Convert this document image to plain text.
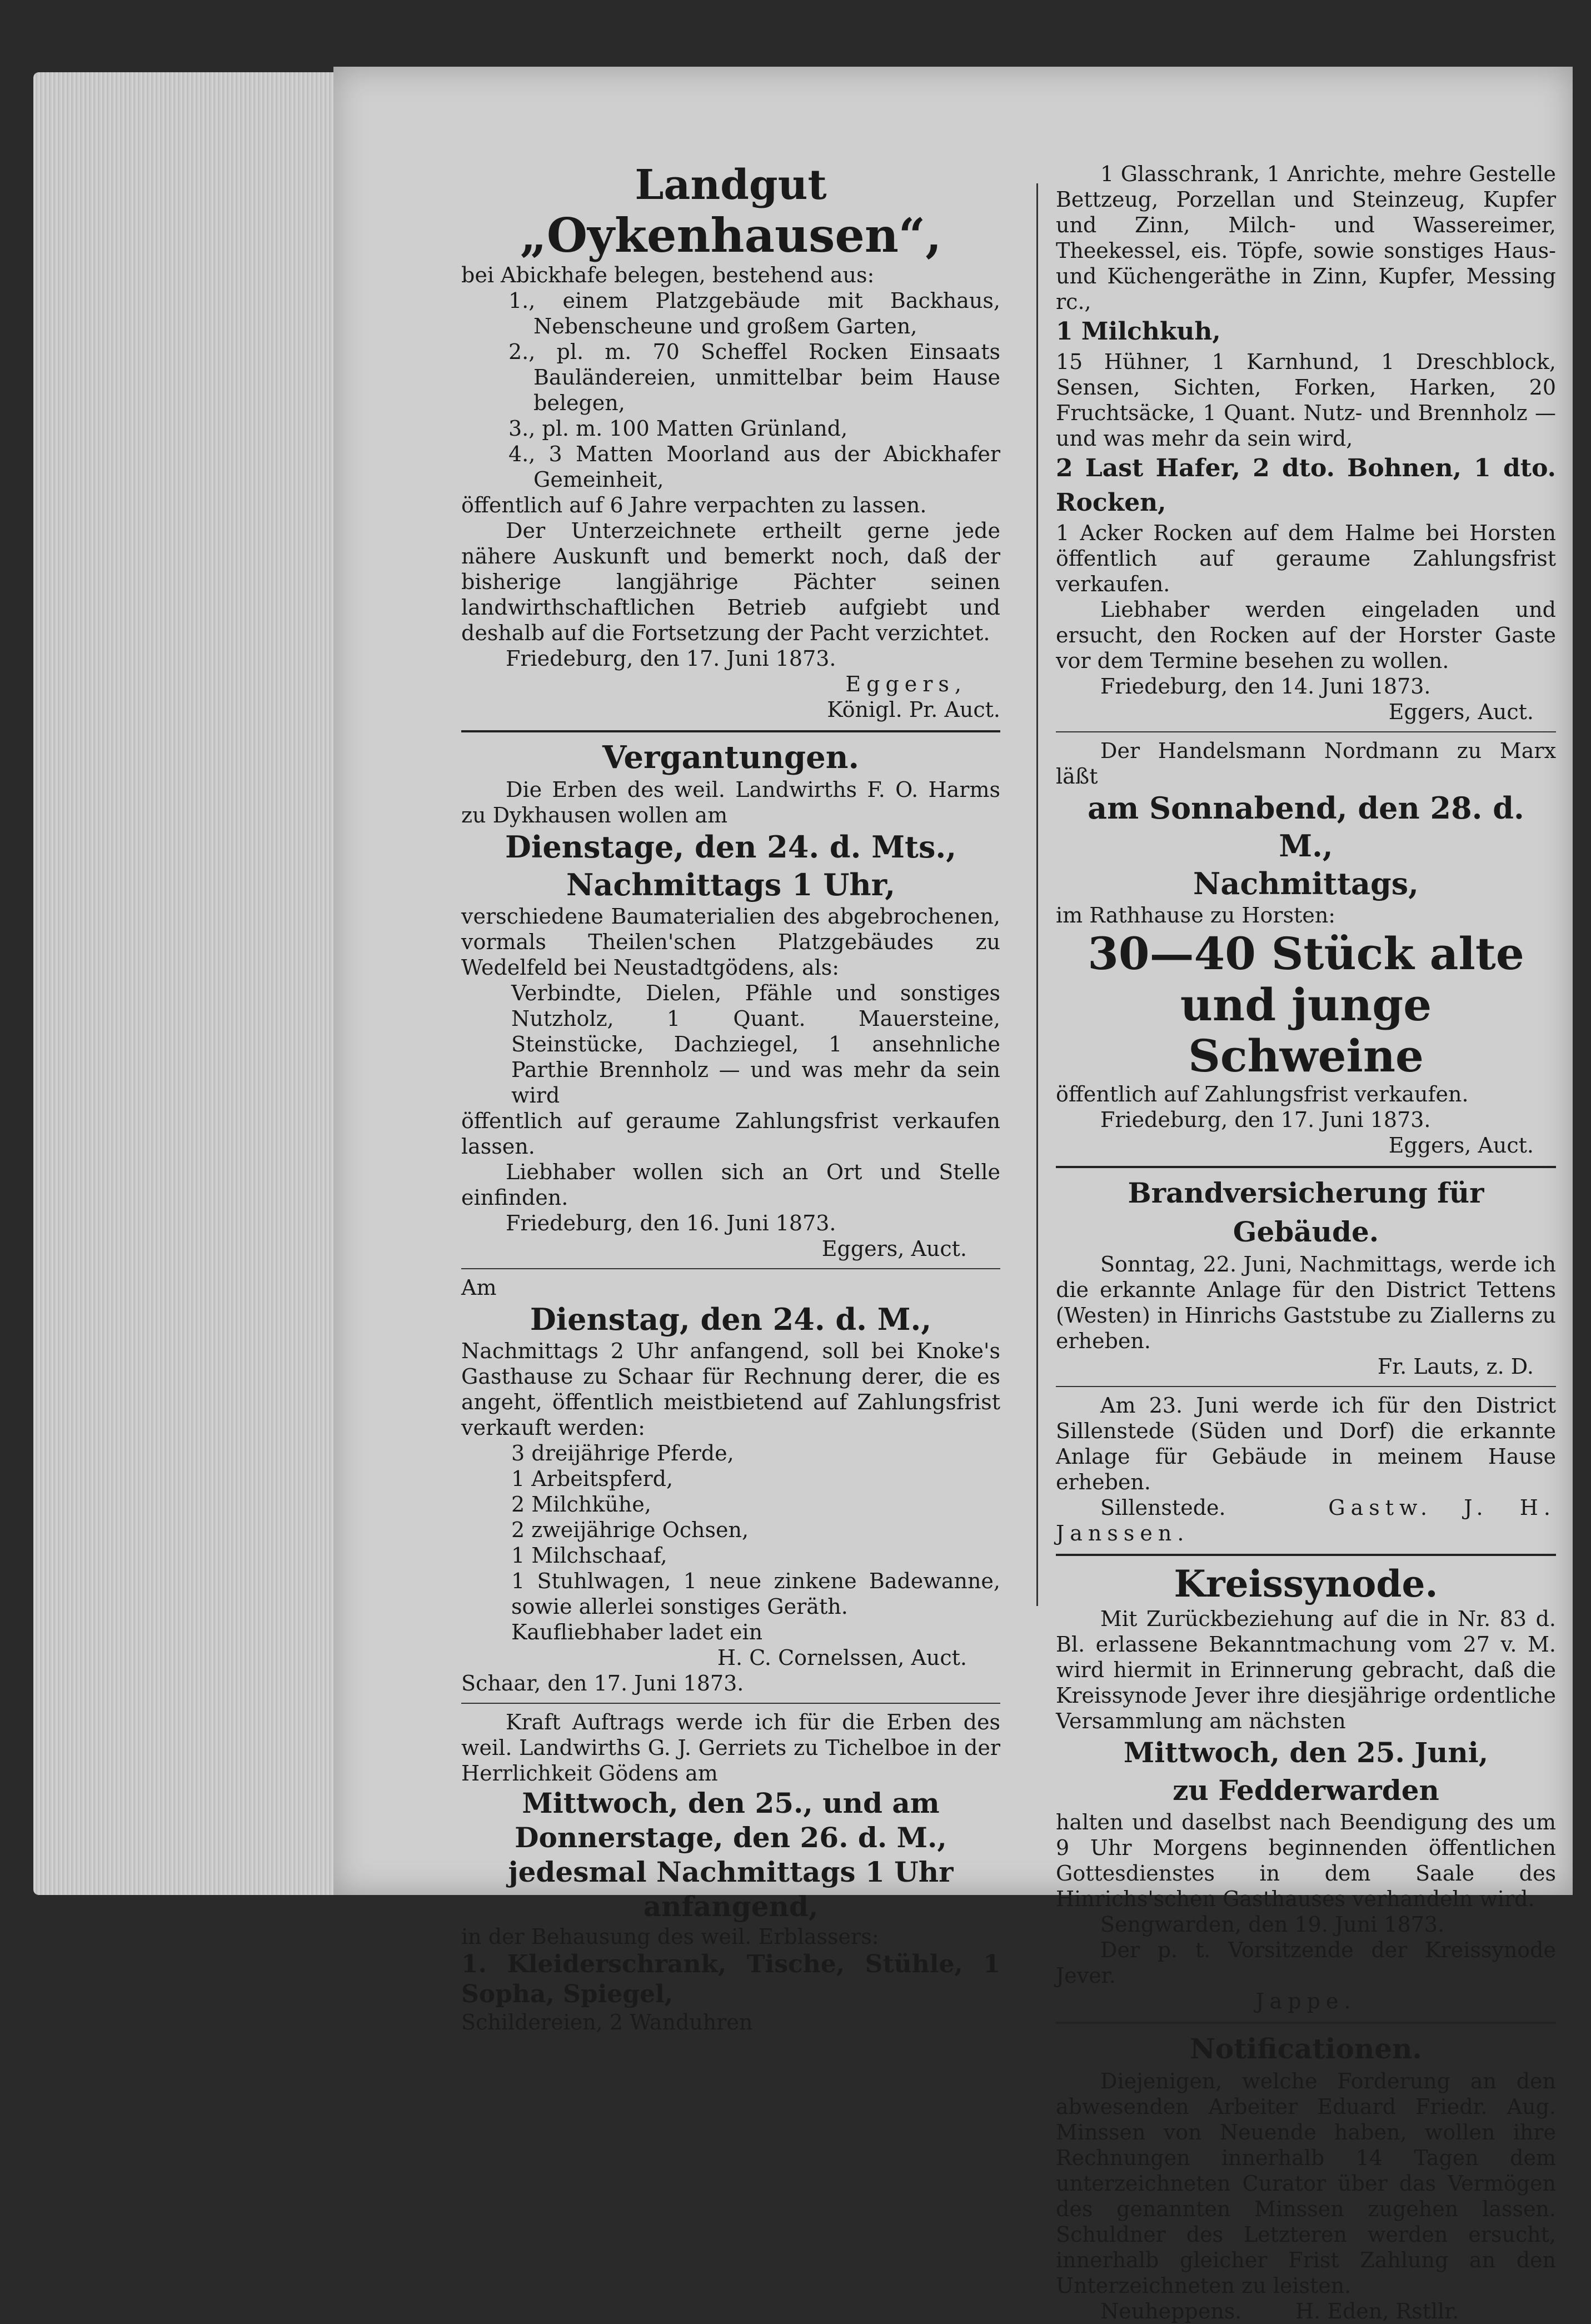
Landgut
„Oykenhausen“,

bei Abickhafe belegen, bestehend aus:

1., einem Platzgebäude mit Backhaus, Nebenscheune und großem Garten,

2., pl. m. 70 Scheffel Rocken Einsaats Bauländereien, unmittelbar beim Hause belegen,

3., pl. m. 100 Matten Grünland,

4., 3 Matten Moorland aus der Abickhafer Gemeinheit,

öffentlich auf 6 Jahre verpachten zu lassen.

Der Unterzeichnete ertheilt gerne jede nähere Auskunft und bemerkt noch, daß der bisherige langjährige Pächter seinen landwirthschaftlichen Betrieb aufgiebt und deshalb auf die Fortsetzung der Pacht verzichtet.

Friedeburg, den 17. Juni 1873.

Eggers,

Königl. Pr. Auct.

Vergantungen.

Die Erben des weil. Landwirths F. O. Harms zu Dykhausen wollen am

Dienstage, den 24. d. Mts.,
Nachmittags 1 Uhr,

verschiedene Baumaterialien des abgebrochenen, vormals Theilen'schen Platzgebäudes zu Wedelfeld bei Neustadtgödens, als:

Verbindte, Dielen, Pfähle und sonstiges Nutzholz, 1 Quant. Mauersteine, Steinstücke, Dachziegel, 1 ansehnliche Parthie Brennholz — und was mehr da sein wird

öffentlich auf geraume Zahlungsfrist verkaufen lassen.

Liebhaber wollen sich an Ort und Stelle einfinden.

Friedeburg, den 16. Juni 1873.

Eggers, Auct.

Am

Dienstag, den 24. d. M.,

Nachmittags 2 Uhr anfangend, soll bei Knoke's Gasthause zu Schaar für Rechnung derer, die es angeht, öffentlich meistbietend auf Zahlungsfrist verkauft werden:

3 dreijährige Pferde,

1 Arbeitspferd,

2 Milchkühe,

2 zweijährige Ochsen,

1 Milchschaaf,

1 Stuhlwagen, 1 neue zinkene Badewanne, sowie allerlei sonstiges Geräth.

Kaufliebhaber ladet ein

H. C. Cornelssen, Auct.

Schaar, den 17. Juni 1873.

Kraft Auftrags werde ich für die Erben des weil. Landwirths G. J. Gerriets zu Tichelboe in der Herrlichkeit Gödens am

Mittwoch, den 25., und am Donnerstage, den 26. d. M., jedesmal Nachmittags 1 Uhr anfangend,

in der Behausung des weil. Erblassers:

1. Kleiderschrank, Tische, Stühle, 1 Sopha, Spiegel,

Schildereien, 2 Wanduhren

1 Glasschrank, 1 Anrichte, mehre Gestelle Bettzeug, Porzellan und Steinzeug, Kupfer und Zinn, Milch- und Wassereimer, Theekessel, eis. Töpfe, sowie sonstiges Haus- und Küchengeräthe in Zinn, Kupfer, Messing rc.,

1 Milchkuh,

15 Hühner, 1 Karnhund, 1 Dreschblock, Sensen, Sichten, Forken, Harken, 20 Fruchtsäcke, 1 Quant. Nutz- und Brennholz — und was mehr da sein wird,

2 Last Hafer, 2 dto. Bohnen, 1 dto. Rocken,

1 Acker Rocken auf dem Halme bei Horsten öffentlich auf geraume Zahlungsfrist verkaufen.

Liebhaber werden eingeladen und ersucht, den Rocken auf der Horster Gaste vor dem Termine besehen zu wollen.

Friedeburg, den 14. Juni 1873.

Eggers, Auct.

Der Handelsmann Nordmann zu Marx läßt

am Sonnabend, den 28. d. M.,
Nachmittags,

im Rathhause zu Horsten:

30—40 Stück alte und junge Schweine

öffentlich auf Zahlungsfrist verkaufen.

Friedeburg, den 17. Juni 1873.

Eggers, Auct.

Brandversicherung für Gebäude.

Sonntag, 22. Juni, Nachmittags, werde ich die erkannte Anlage für den District Tettens (Westen) in Hinrichs Gaststube zu Ziallerns zu erheben.

Fr. Lauts, z. D.

Am 23. Juni werde ich für den District Sillenstede (Süden und Dorf) die erkannte Anlage für Gebäude in meinem Hause erheben.

Sillenstede.	Gastw. J. H. Janssen.

Kreissynode.

Mit Zurückbeziehung auf die in Nr. 83 d. Bl. erlassene Bekanntmachung vom 27 v. M. wird hiermit in Erinnerung gebracht, daß die Kreissynode Jever ihre diesjährige ordentliche Versammlung am nächsten

Mittwoch, den 25. Juni,
zu Fedderwarden

halten und daselbst nach Beendigung des um 9 Uhr Morgens beginnenden öffentlichen Gottesdienstes in dem Saale des Hinrichs'schen Gasthauses verhandeln wird.

Sengwarden, den 19. Juni 1873.

Der p. t. Vorsitzende der Kreissynode Jever.

Jappe.

Notificationen.

Diejenigen, welche Forderung an den abwesenden Arbeiter Eduard Friedr. Aug. Minssen von Neuende haben, wollen ihre Rechnungen innerhalb 14 Tagen dem unterzeichneten Curator über das Vermögen des genannten Minssen zugehen lassen. Schuldner des Letzteren werden ersucht, innerhalb gleicher Frist Zahlung an den Unterzeichneten zu leisten.

Neuheppens.	H. Eden, Rstllr.
